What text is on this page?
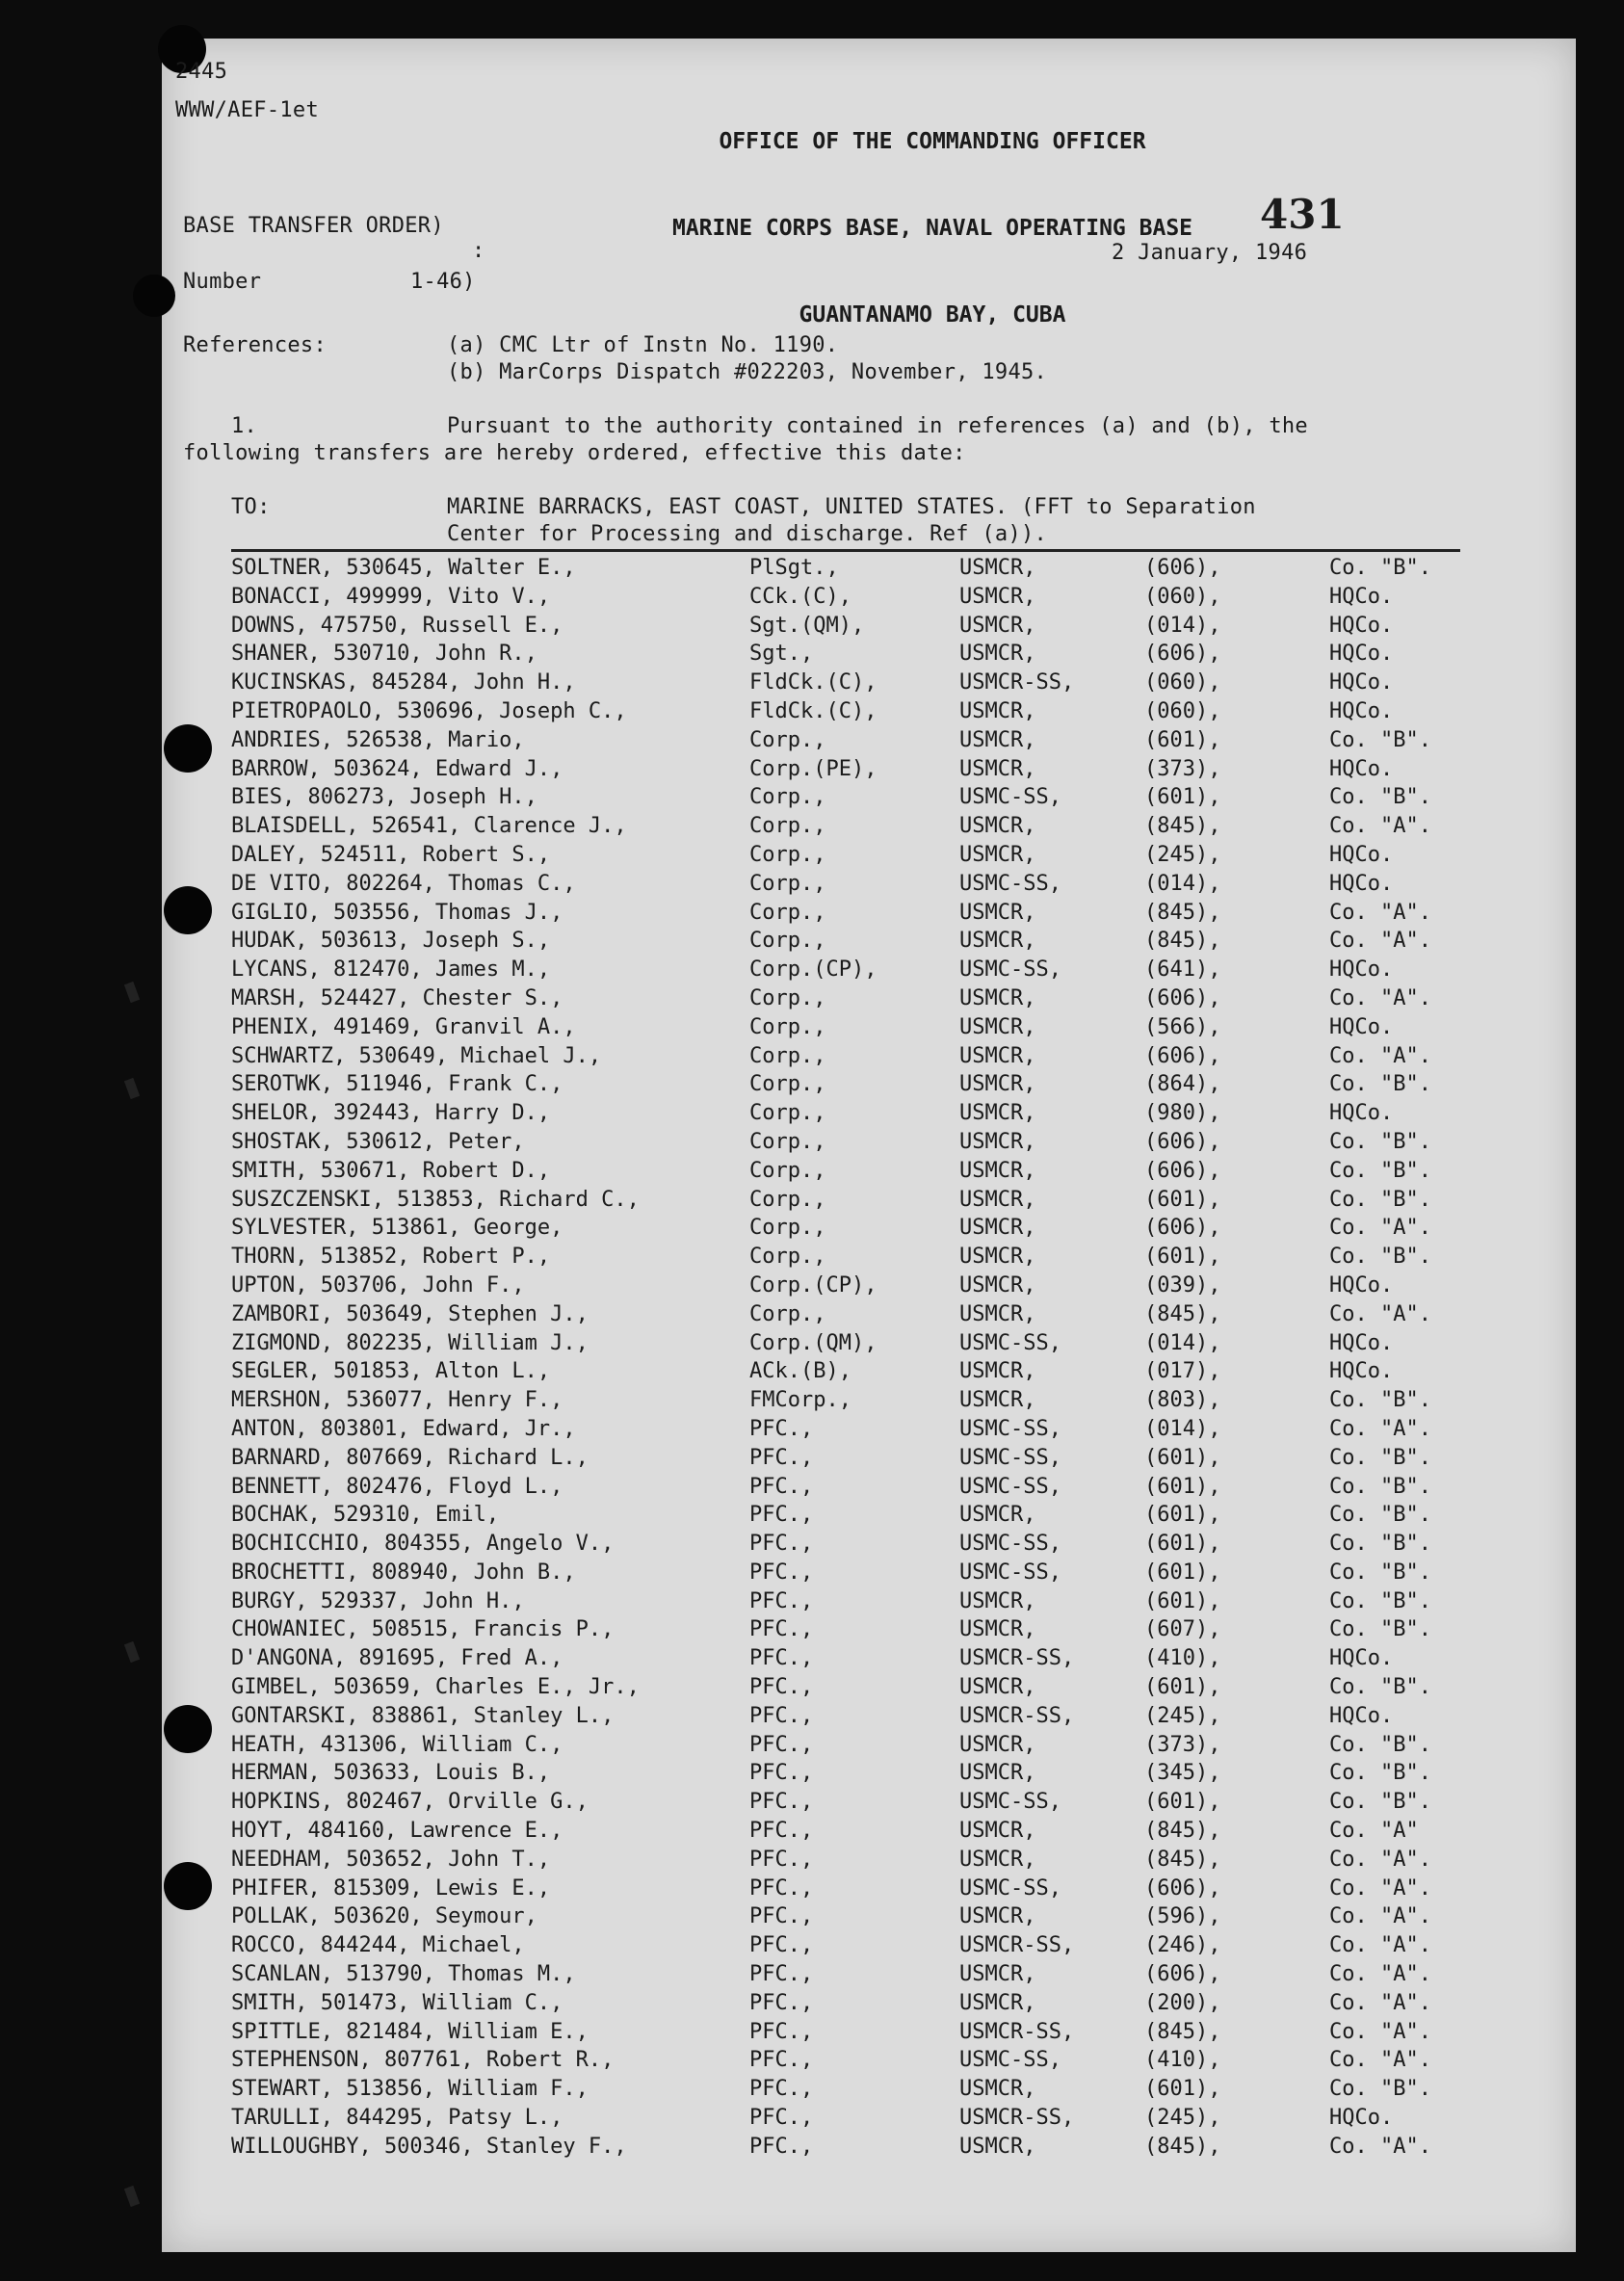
2445
WWW/AEF-1et

OFFICE OF THE COMMANDING OFFICER

MARINE CORPS BASE, NAVAL OPERATING BASE

GUANTANAMO BAY, CUBA

431
BASE TRANSFER ORDER)
:
Number	1-46)
2 January, 1946
References:	(a) CMC Ltr of Instn No. 1190.
(b) MarCorps Dispatch #022203, November, 1945.
1.	Pursuant to the authority contained in references (a) and (b), the
following transfers are hereby ordered, effective this date:
TO:	MARINE BARRACKS, EAST COAST, UNITED STATES. (FFT to Separation
Center for Processing and discharge. Ref (a)).
SOLTNER, 530645, Walter E.,	PlSgt.,	USMCR,	(606),	Co. "B".
BONACCI, 499999, Vito V.,	CCk.(C),	USMCR,	(060),	HQCo.
DOWNS, 475750, Russell E.,	Sgt.(QM),	USMCR,	(014),	HQCo.
SHANER, 530710, John R.,	Sgt.,	USMCR,	(606),	HQCo.
KUCINSKAS, 845284, John H.,	FldCk.(C),	USMCR-SS,	(060),	HQCo.
PIETROPAOLO, 530696, Joseph C.,	FldCk.(C),	USMCR,	(060),	HQCo.
ANDRIES, 526538, Mario,	Corp.,	USMCR,	(601),	Co. "B".
BARROW, 503624, Edward J.,	Corp.(PE),	USMCR,	(373),	HQCo.
BIES, 806273, Joseph H.,	Corp.,	USMC-SS,	(601),	Co. "B".
BLAISDELL, 526541, Clarence J.,	Corp.,	USMCR,	(845),	Co. "A".
DALEY, 524511, Robert S.,	Corp.,	USMCR,	(245),	HQCo.
DE VITO, 802264, Thomas C.,	Corp.,	USMC-SS,	(014),	HQCo.
GIGLIO, 503556, Thomas J.,	Corp.,	USMCR,	(845),	Co. "A".
HUDAK, 503613, Joseph S.,	Corp.,	USMCR,	(845),	Co. "A".
LYCANS, 812470, James M.,	Corp.(CP),	USMC-SS,	(641),	HQCo.
MARSH, 524427, Chester S.,	Corp.,	USMCR,	(606),	Co. "A".
PHENIX, 491469, Granvil A.,	Corp.,	USMCR,	(566),	HQCo.
SCHWARTZ, 530649, Michael J.,	Corp.,	USMCR,	(606),	Co. "A".
SEROTWK, 511946, Frank C.,	Corp.,	USMCR,	(864),	Co. "B".
SHELOR, 392443, Harry D.,	Corp.,	USMCR,	(980),	HQCo.
SHOSTAK, 530612, Peter,	Corp.,	USMCR,	(606),	Co. "B".
SMITH, 530671, Robert D.,	Corp.,	USMCR,	(606),	Co. "B".
SUSZCZENSKI, 513853, Richard C.,	Corp.,	USMCR,	(601),	Co. "B".
SYLVESTER, 513861, George,	Corp.,	USMCR,	(606),	Co. "A".
THORN, 513852, Robert P.,	Corp.,	USMCR,	(601),	Co. "B".
UPTON, 503706, John F.,	Corp.(CP),	USMCR,	(039),	HQCo.
ZAMBORI, 503649, Stephen J.,	Corp.,	USMCR,	(845),	Co. "A".
ZIGMOND, 802235, William J.,	Corp.(QM),	USMC-SS,	(014),	HQCo.
SEGLER, 501853, Alton L.,	ACk.(B),	USMCR,	(017),	HQCo.
MERSHON, 536077, Henry F.,	FMCorp.,	USMCR,	(803),	Co. "B".
ANTON, 803801, Edward, Jr.,	PFC.,	USMC-SS,	(014),	Co. "A".
BARNARD, 807669, Richard L.,	PFC.,	USMC-SS,	(601),	Co. "B".
BENNETT, 802476, Floyd L.,	PFC.,	USMC-SS,	(601),	Co. "B".
BOCHAK, 529310, Emil,	PFC.,	USMCR,	(601),	Co. "B".
BOCHICCHIO, 804355, Angelo V.,	PFC.,	USMC-SS,	(601),	Co. "B".
BROCHETTI, 808940, John B.,	PFC.,	USMC-SS,	(601),	Co. "B".
BURGY, 529337, John H.,	PFC.,	USMCR,	(601),	Co. "B".
CHOWANIEC, 508515, Francis P.,	PFC.,	USMCR,	(607),	Co. "B".
D'ANGONA, 891695, Fred A.,	PFC.,	USMCR-SS,	(410),	HQCo.
GIMBEL, 503659, Charles E., Jr.,	PFC.,	USMCR,	(601),	Co. "B".
GONTARSKI, 838861, Stanley L.,	PFC.,	USMCR-SS,	(245),	HQCo.
HEATH, 431306, William C.,	PFC.,	USMCR,	(373),	Co. "B".
HERMAN, 503633, Louis B.,	PFC.,	USMCR,	(345),	Co. "B".
HOPKINS, 802467, Orville G.,	PFC.,	USMC-SS,	(601),	Co. "B".
HOYT, 484160, Lawrence E.,	PFC.,	USMCR,	(845),	Co. "A"
NEEDHAM, 503652, John T.,	PFC.,	USMCR,	(845),	Co. "A".
PHIFER, 815309, Lewis E.,	PFC.,	USMC-SS,	(606),	Co. "A".
POLLAK, 503620, Seymour,	PFC.,	USMCR,	(596),	Co. "A".
ROCCO, 844244, Michael,	PFC.,	USMCR-SS,	(246),	Co. "A".
SCANLAN, 513790, Thomas M.,	PFC.,	USMCR,	(606),	Co. "A".
SMITH, 501473, William C.,	PFC.,	USMCR,	(200),	Co. "A".
SPITTLE, 821484, William E.,	PFC.,	USMCR-SS,	(845),	Co. "A".
STEPHENSON, 807761, Robert R.,	PFC.,	USMC-SS,	(410),	Co. "A".
STEWART, 513856, William F.,	PFC.,	USMCR,	(601),	Co. "B".
TARULLI, 844295, Patsy L.,	PFC.,	USMCR-SS,	(245),	HQCo.
WILLOUGHBY, 500346, Stanley F.,	PFC.,	USMCR,	(845),	Co. "A".
